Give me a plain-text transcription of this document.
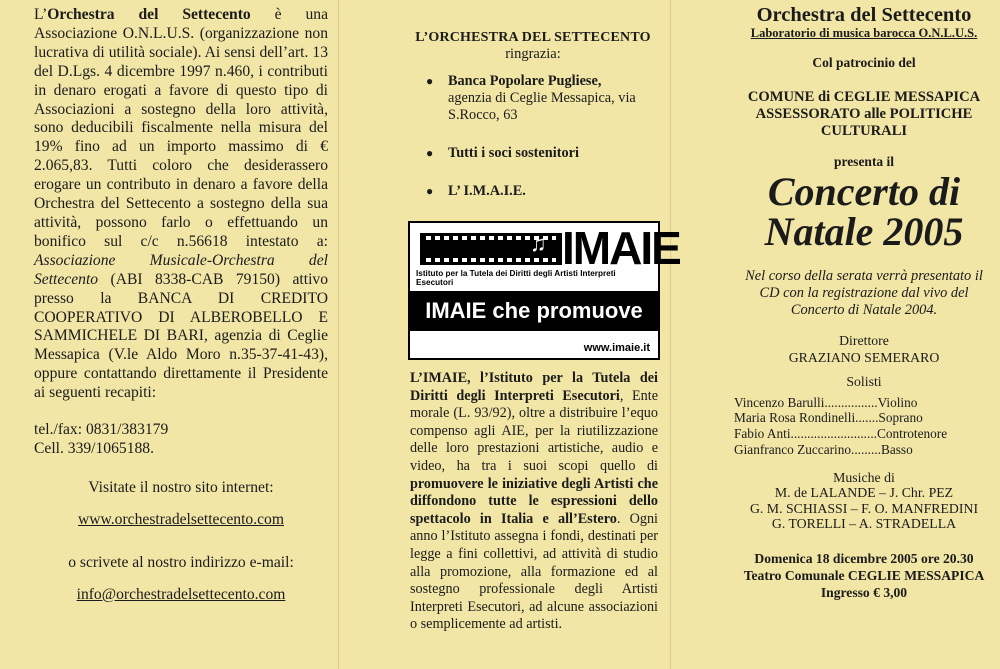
L’Orchestra del Settecento è una Associazione O.N.L.U.S. (organizzazione non lucrativa di utilità sociale). Ai sensi dell’art. 13 del D.Lgs. 4 dicembre 1997 n.460, i contributi in denaro erogati a favore di questo tipo di Associazioni a sostegno della loro attività, sono deducibili fiscalmente nella misura del 19% fino ad un importo massimo di € 2.065,83. Tutti coloro che desiderassero erogare un contributo in denaro a favore della Orchestra del Settecento a sostegno della sua attività, possono farlo o effettuando un bonifico sul c/c n.56618 intestato a: Associazione Musicale-Orchestra del Settecento (ABI 8338-CAB 79150) attivo presso la BANCA DI CREDITO COOPERATIVO DI ALBEROBELLO E SAMMICHELE DI BARI, agenzia di Ceglie Messapica (V.le Aldo Moro n.35-37-41-43), oppure contattando direttamente il Presidente ai seguenti recapiti:

tel./fax: 0831/383179

Cell. 339/1065188.

Visitate il nostro sito internet:

www.orchestradelsettecento.com

o scrivete al nostro indirizzo e-mail:

info@orchestradelsettecento.com

L’ORCHESTRA DEL SETTECENTO

ringrazia:

● Banca Popolare Pugliese,
agenzia di Ceglie Messapica, via S.Rocco, 63
● Tutti i soci sostenitori
● L’ I.M.A.I.E.
♫ IMAIE
Istituto per la Tutela dei Diritti degli Artisti Interpreti Esecutori
IMAIE che promuove
www.imaie.it

L’IMAIE, l’Istituto per la Tutela dei Diritti degli Interpreti Esecutori, Ente morale (L. 93/92), oltre a distribuire l’equo compenso agli AIE, per la riutilizzazione delle loro prestazioni artistiche, audio e video, ha tra i suoi scopi quello di promuovere le iniziative degli Artisti che diffondono tutte le espressioni dello spettacolo in Italia e all’Estero. Ogni anno l’Istituto assegna i fondi, destinati per legge a fini collettivi, ad attività di studio alla promozione, alla formazione ed al sostegno professionale degli Artisti Interpreti Esecutori, ad alcune associazioni o semplicemente ad artisti.

Orchestra del Settecento

Laboratorio di musica barocca O.N.L.U.S.

Col patrocinio del

COMUNE di CEGLIE MESSAPICA

ASSESSORATO alle POLITICHE CULTURALI

presenta il

Concerto di

Natale 2005

Nel corso della serata verrà presentato il CD con la registrazione dal vivo del Concerto di Natale 2004.

Direttore

GRAZIANO SEMERARO

Solisti

Vincenzo Barulli................Violino
Maria Rosa Rondinelli.......Soprano
Fabio Anti..........................Controtenore
Gianfranco Zuccarino.........Basso

Musiche di

M. de LALANDE – J. Chr. PEZ

G. M. SCHIASSI – F. O. MANFREDINI

G. TORELLI – A. STRADELLA

Domenica 18 dicembre 2005 ore 20.30

Teatro Comunale CEGLIE MESSAPICA

Ingresso € 3,00
